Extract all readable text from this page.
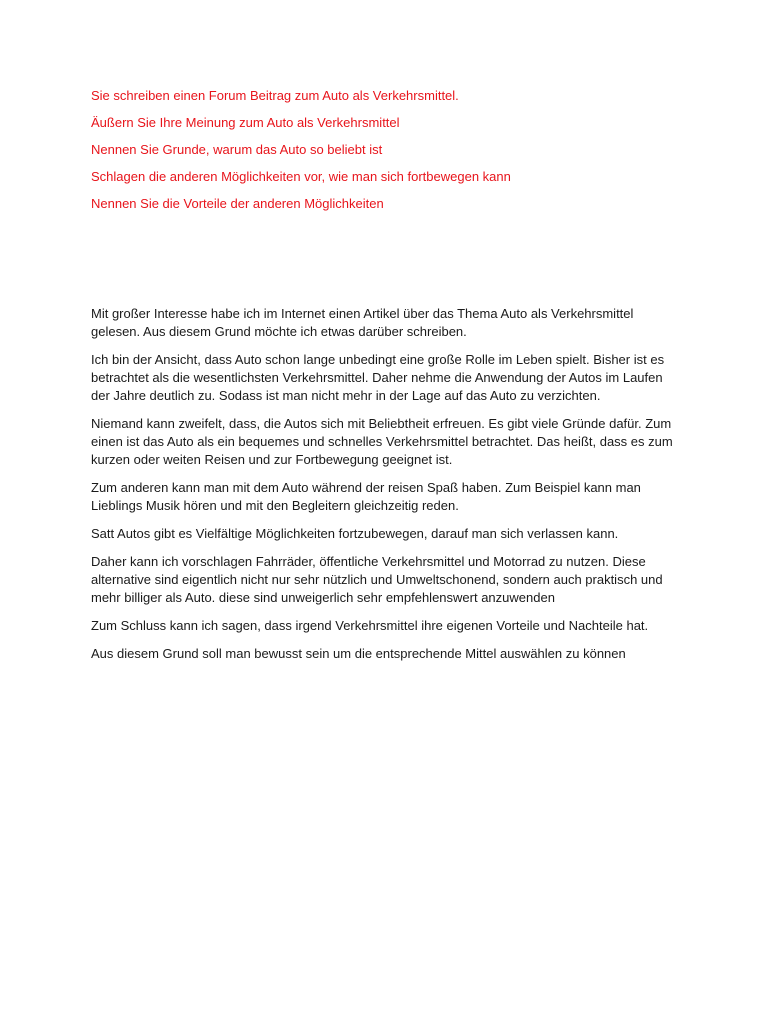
Sie schreiben einen Forum Beitrag zum Auto als Verkehrsmittel.

Äußern Sie Ihre Meinung zum Auto als Verkehrsmittel

Nennen Sie Grunde, warum das Auto so beliebt ist

Schlagen die anderen Möglichkeiten vor, wie man sich fortbewegen kann

Nennen Sie die Vorteile der anderen Möglichkeiten

Mit großer Interesse habe ich im Internet einen Artikel über das Thema Auto als Verkehrsmittel
gelesen. Aus diesem Grund möchte ich etwas darüber schreiben.

Ich bin der Ansicht, dass Auto schon lange unbedingt eine große Rolle im Leben spielt. Bisher ist es
betrachtet als die wesentlichsten Verkehrsmittel. Daher nehme die Anwendung der Autos im Laufen
der Jahre deutlich zu. Sodass ist man nicht mehr in der Lage auf das Auto zu verzichten.

Niemand kann zweifelt, dass, die Autos sich mit Beliebtheit erfreuen. Es gibt viele Gründe dafür. Zum
einen ist das Auto als ein bequemes und schnelles Verkehrsmittel betrachtet. Das heißt, dass es zum
kurzen oder weiten Reisen und zur Fortbewegung geeignet ist.

Zum anderen kann man mit dem Auto während der reisen Spaß haben. Zum Beispiel kann man
Lieblings Musik hören und mit den Begleitern gleichzeitig reden.

Satt Autos gibt es Vielfältige Möglichkeiten fortzubewegen, darauf man sich verlassen kann.

Daher kann ich vorschlagen Fahrräder, öffentliche Verkehrsmittel und Motorrad zu nutzen. Diese
alternative sind eigentlich nicht nur sehr nützlich und Umweltschonend, sondern auch praktisch und
mehr billiger als Auto. diese sind unweigerlich sehr empfehlenswert anzuwenden

Zum Schluss kann ich sagen, dass irgend Verkehrsmittel ihre eigenen Vorteile und Nachteile hat.

Aus diesem Grund soll man bewusst sein um die entsprechende Mittel auswählen zu können
